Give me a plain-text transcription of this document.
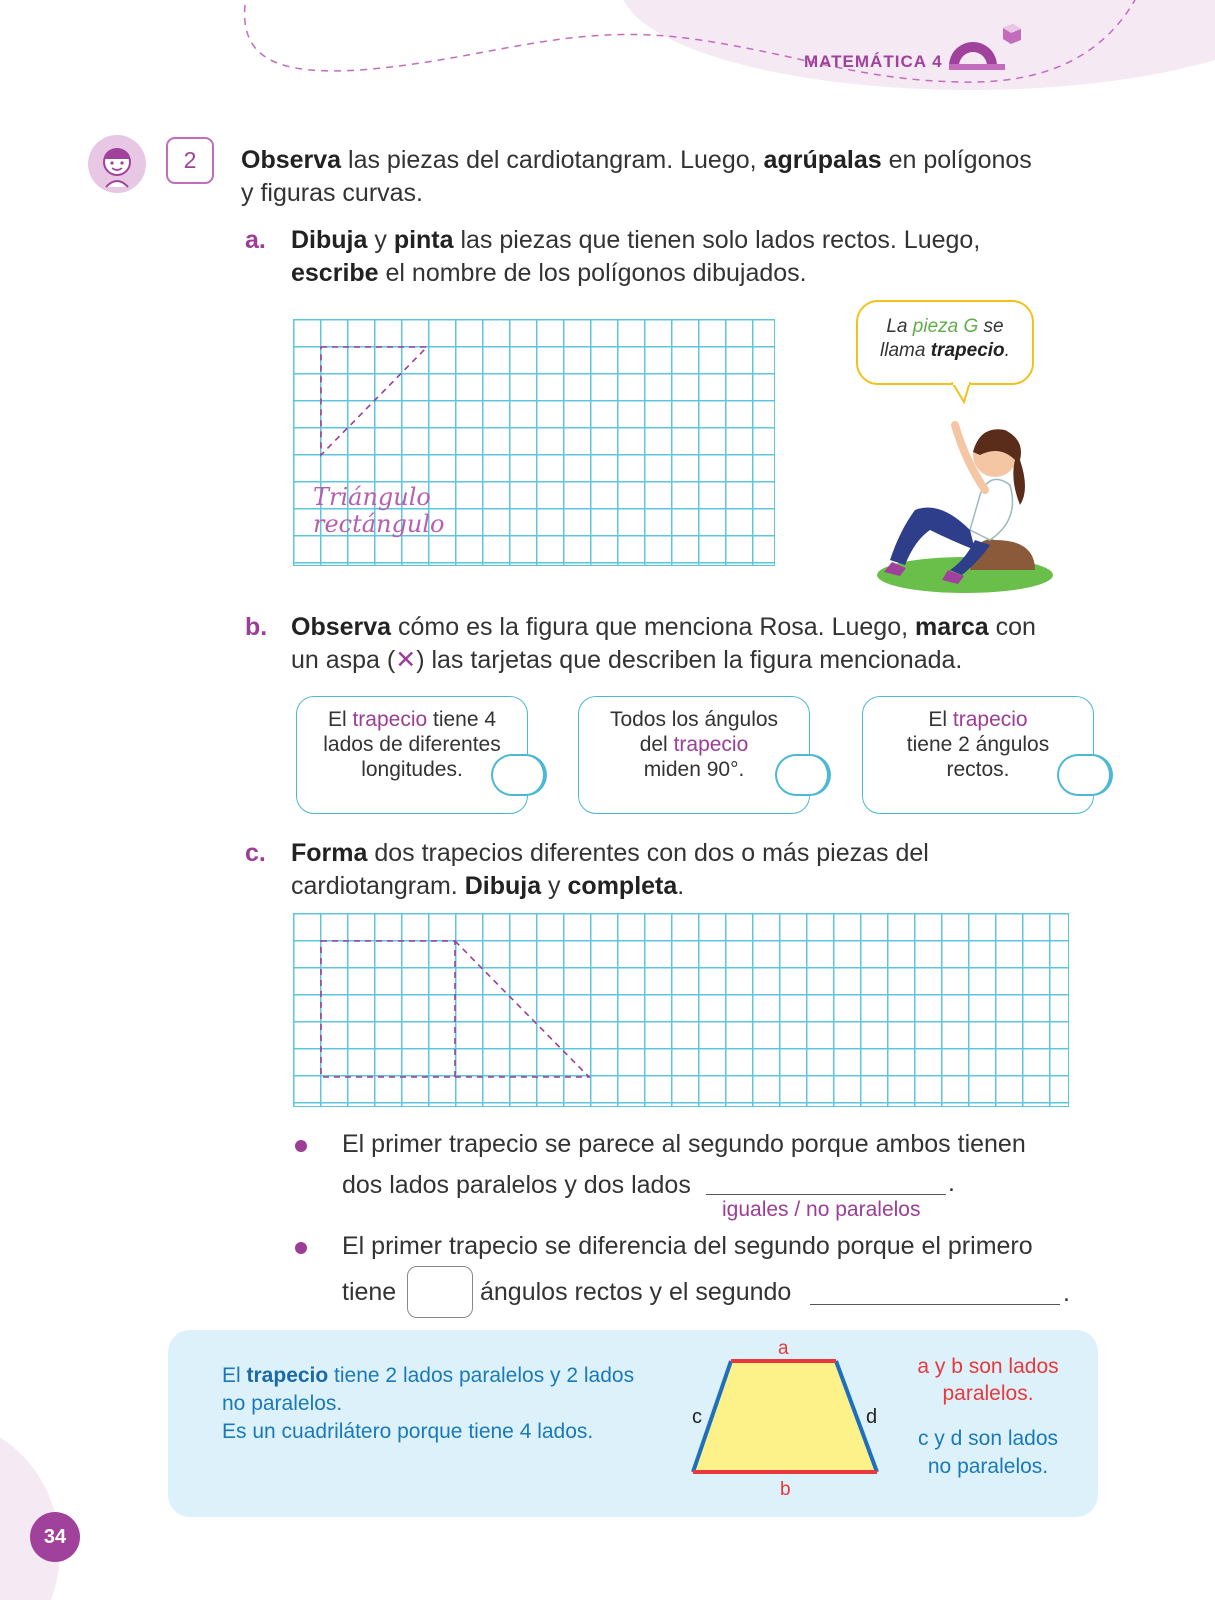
MATEMÁTICA 4
34
2	Observa las piezas del cardiotangram. Luego, agrúpalas en polígonos
y figuras curvas.
a. Dibuja y pinta las piezas que tienen solo lados rectos. Luego,
escribe el nombre de los polígonos dibujados.
Triángulo
rectángulo
La pieza G se
llama trapecio.
b. Observa cómo es la figura que menciona Rosa. Luego, marca con
un aspa (✕) las tarjetas que describen la figura mencionada.
El trapecio tiene 4
lados de diferentes
longitudes.
Todos los ángulos
del trapecio
miden 90°.
El trapecio
tiene 2 ángulos
rectos.
c. Forma dos trapecios diferentes con dos o más piezas del
cardiotangram. Dibuja y completa.
El primer trapecio se parece al segundo porque ambos tienen
dos lados paralelos y dos lados	.
iguales / no paralelos
El primer trapecio se diferencia del segundo porque el primero
tiene	ángulos rectos y el segundo	.
El trapecio tiene 2 lados paralelos y 2 lados
no paralelos.
Es un cuadrilátero porque tiene 4 lados.
a
b
c	d
a y b son lados
paralelos.
c y d son lados
no paralelos.
